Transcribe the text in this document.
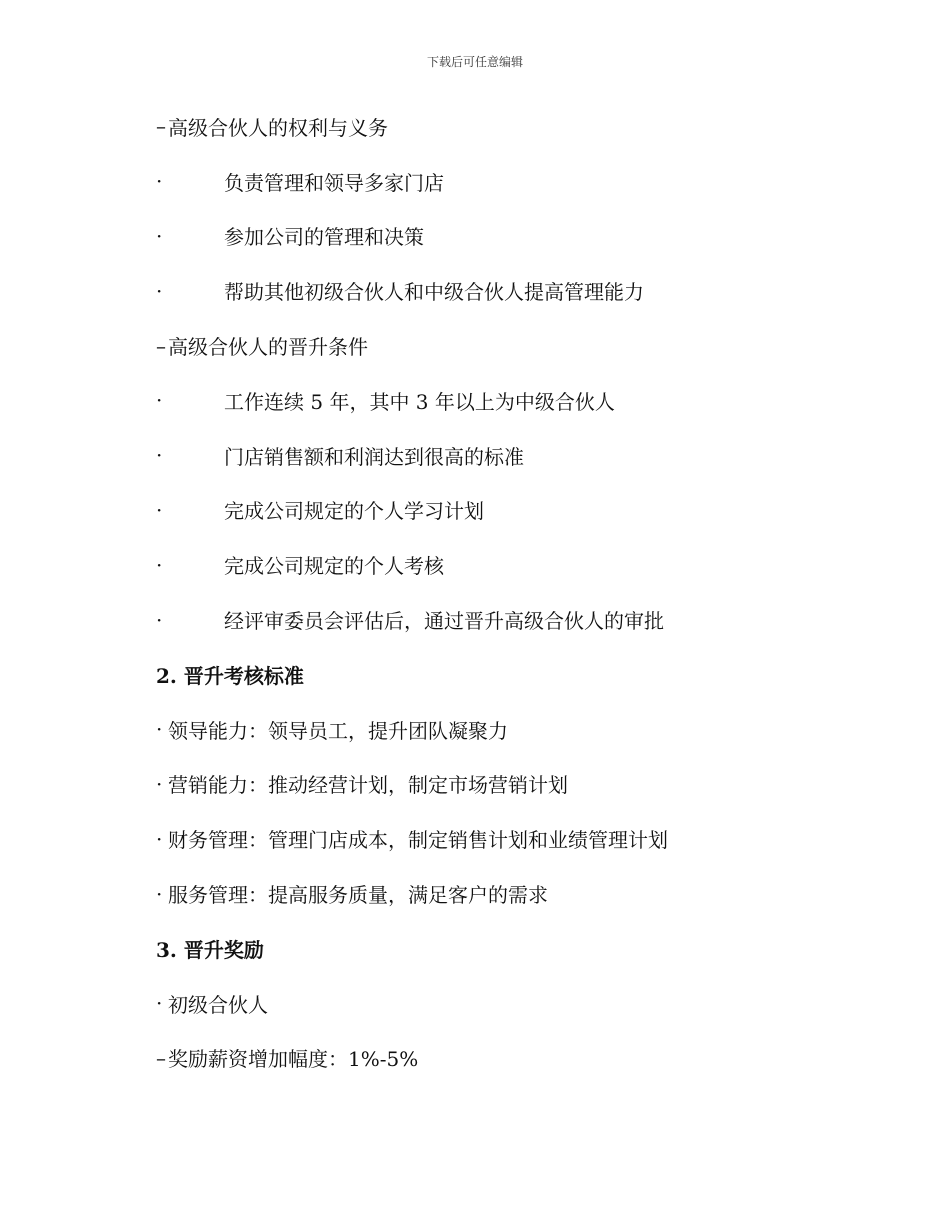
下载后可任意编辑
– 高级合伙人的权利与义务
·	负责管理和领导多家门店
·	参加公司的管理和决策
·	帮助其他初级合伙人和中级合伙人提高管理能力
– 高级合伙人的晋升条件
·	工作连续 5 年，其中 3 年以上为中级合伙人
·	门店销售额和利润达到很高的标准
·	完成公司规定的个人学习计划
·	完成公司规定的个人考核
·	经评审委员会评估后，通过晋升高级合伙人的审批
2. 晋升考核标准
· 领导能力：领导员工，提升团队凝聚力
· 营销能力：推动经营计划，制定市场营销计划
· 财务管理：管理门店成本，制定销售计划和业绩管理计划
· 服务管理：提高服务质量，满足客户的需求
3. 晋升奖励
· 初级合伙人
– 奖励薪资增加幅度：1%-5%
